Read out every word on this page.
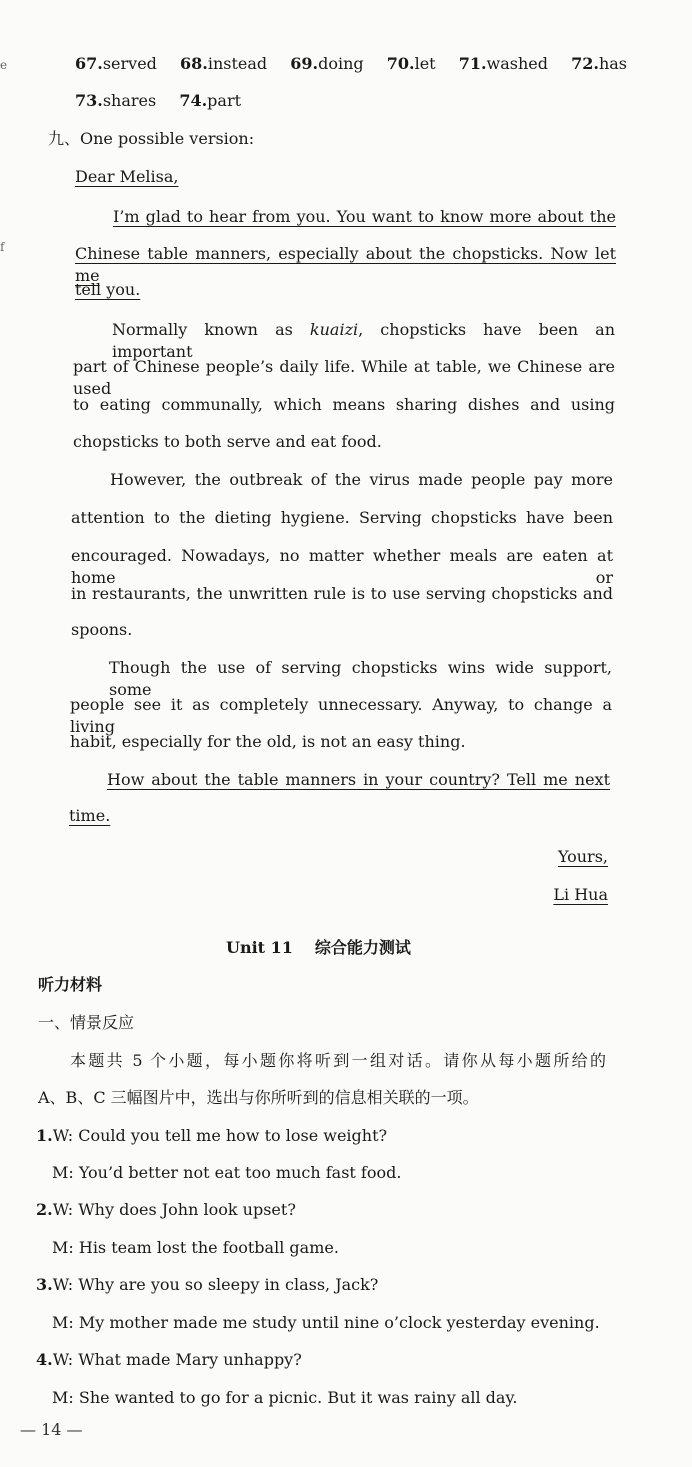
e
f
67.served 68.instead 69.doing 70.let 71.washed 72.has
73.shares 74.part
九、One possible version:
Dear Melisa,
I’m glad to hear from you. You want to know more about the
Chinese table manners, especially about the chopsticks. Now let me
tell you.
Normally known as kuaizi, chopsticks have been an important
part of Chinese people’s daily life. While at table, we Chinese are used
to eating communally, which means sharing dishes and using
chopsticks to both serve and eat food.
However, the outbreak of the virus made people pay more
attention to the dieting hygiene. Serving chopsticks have been
encouraged. Nowadays, no matter whether meals are eaten at home or
in restaurants, the unwritten rule is to use serving chopsticks and
spoons.
Though the use of serving chopsticks wins wide support, some
people see it as completely unnecessary. Anyway, to change a living
habit, especially for the old, is not an easy thing.
How about the table manners in your country? Tell me next
time.
Yours,
Li Hua
Unit 11 综合能力测试
听力材料
一、情景反应
本题共 5 个小题，每小题你将听到一组对话。请你从每小题所给的
A、B、C 三幅图片中，选出与你所听到的信息相关联的一项。
1.W: Could you tell me how to lose weight?
M: You’d better not eat too much fast food.
2.W: Why does John look upset?
M: His team lost the football game.
3.W: Why are you so sleepy in class, Jack?
M: My mother made me study until nine o’clock yesterday evening.
4.W: What made Mary unhappy?
M: She wanted to go for a picnic. But it was rainy all day.
— 14 —
